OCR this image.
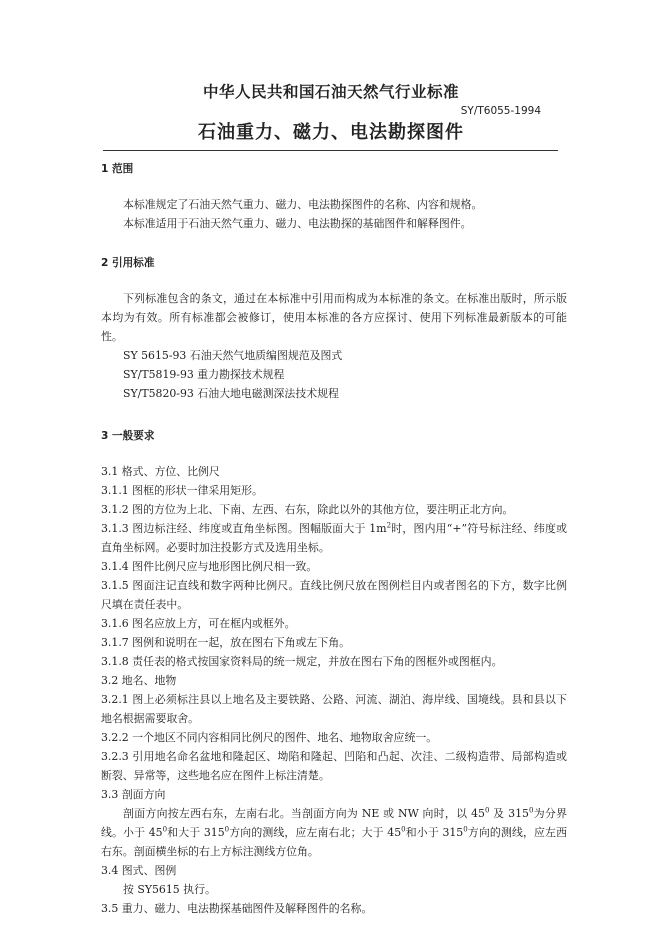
中华人民共和国石油天然气行业标准
SY/T6055-1994
石油重力、磁力、电法勘探图件

1 范围

本标准规定了石油天然气重力、磁力、电法勘探图件的名称、内容和规格。

本标准适用于石油天然气重力、磁力、电法勘探的基础图件和解释图件。

2 引用标准

下列标准包含的条文，通过在本标准中引用而构成为本标准的条文。在标准出版时，所示版本均为有效。所有标准都会被修订，使用本标准的各方应探讨、使用下列标准最新版本的可能性。

SY 5615-93 石油天然气地质编图规范及图式

SY/T5819-93 重力勘探技术规程

SY/T5820-93 石油大地电磁测深法技术规程

3 一般要求

3.1 格式、方位、比例尺

3.1.1 图框的形状一律采用矩形。

3.1.2 图的方位为上北、下南、左西、右东，除此以外的其他方位，要注明正北方向。

3.1.3 图边标注经、纬度或直角坐标图。图幅版面大于 $1m^2$时，图内用“+”符号标注经、纬度或直角坐标网。必要时加注投影方式及选用坐标。

3.1.4 图件比例尺应与地形图比例尺相一致。

3.1.5 图面注记直线和数字两种比例尺。直线比例尺放在图例栏目内或者图名的下方，数字比例尺填在责任表中。

3.1.6 图名应放上方，可在框内或框外。

3.1.7 图例和说明在一起，放在图右下角或左下角。

3.1.8 责任表的格式按国家资料局的统一规定，并放在图右下角的图框外或图框内。

3.2 地名、地物

3.2.1 图上必须标注县以上地名及主要铁路、公路、河流、湖泊、海岸线、国境线。县和县以下地名根据需要取舍。

3.2.2 一个地区不同内容相同比例尺的图件、地名、地物取舍应统一。

3.2.3 引用地名命名盆地和隆起区、坳陷和隆起、凹陷和凸起、次洼、二级构造带、局部构造或断裂、异常等，这些地名应在图件上标注清楚。

3.3 剖面方向

剖面方向按左西右东，左南右北。当剖面方向为 NE 或 NW 向时，以 $45^0$ 及 $315^0$为分界线。小于 $45^0$和大于 $315^0$方向的测线，应左南右北；大于 $45^0$和小于 $315^0$方向的测线，应左西右东。剖面横坐标的右上方标注测线方位角。

3.4 图式、图例

按 SY5615 执行。

3.5 重力、磁力、电法勘探基础图件及解释图件的名称。
